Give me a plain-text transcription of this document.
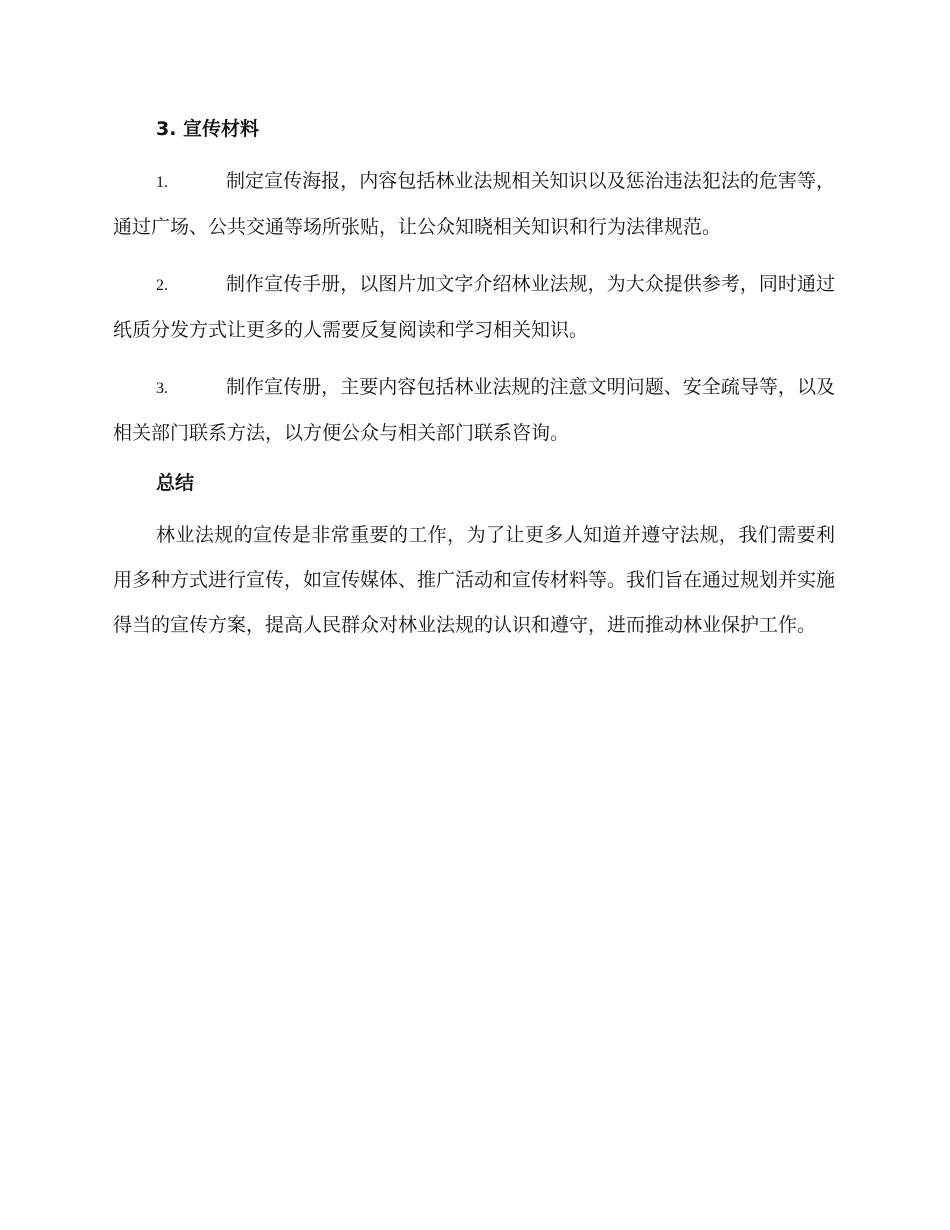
3. 宣传材料

1.	制定宣传海报，内容包括林业法规相关知识以及惩治违法犯法的危害等，通过广场、公共交通等场所张贴，让公众知晓相关知识和行为法律规范。

2.	制作宣传手册，以图片加文字介绍林业法规，为大众提供参考，同时通过纸质分发方式让更多的人需要反复阅读和学习相关知识。

3.	制作宣传册，主要内容包括林业法规的注意文明问题、安全疏导等，以及相关部门联系方法，以方便公众与相关部门联系咨询。

总结

林业法规的宣传是非常重要的工作，为了让更多人知道并遵守法规，我们需要利用多种方式进行宣传，如宣传媒体、推广活动和宣传材料等。我们旨在通过规划并实施得当的宣传方案，提高人民群众对林业法规的认识和遵守，进而推动林业保护工作。
